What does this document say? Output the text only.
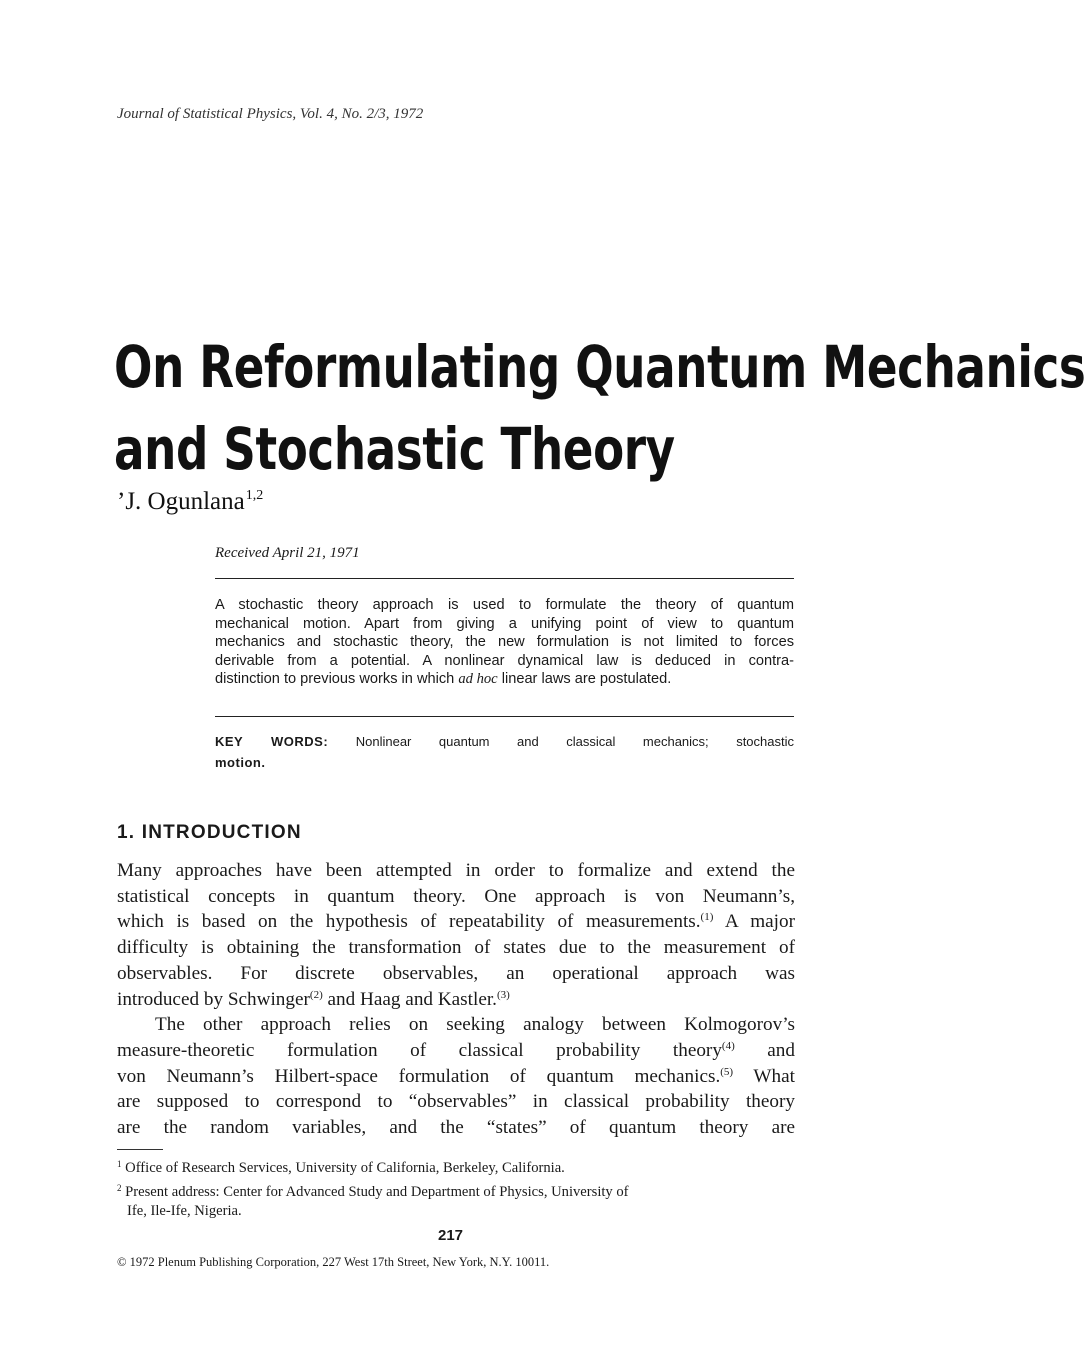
Journal of Statistical Physics, Vol. 4, No. 2/3, 1972
On Reformulating Quantum Mechanics
and Stochastic Theory
’J. Ogunlana$^{1,2}$
Received April 21, 1971
A stochastic theory approach is used to formulate the theory of quantum
mechanical motion. Apart from giving a unifying point of view to quantum
mechanics and stochastic theory, the new formulation is not limited to forces
derivable from a potential. A nonlinear dynamical law is deduced in contra-
distinction to previous works in which ad hoc linear laws are postulated.
KEY WORDS: Nonlinear quantum and classical mechanics; stochastic
motion.
1. INTRODUCTION
Many approaches have been attempted in order to formalize and extend the
statistical concepts in quantum theory. One approach is von Neumann’s,
which is based on the hypothesis of repeatability of measurements.$^{(1)}$ A major
difficulty is obtaining the transformation of states due to the measurement of
observables. For discrete observables, an operational approach was
introduced by Schwinger$^{(2)}$ and Haag and Kastler.$^{(3)}$
The other approach relies on seeking analogy between Kolmogorov’s
measure-theoretic formulation of classical probability theory$^{(4)}$ and
von Neumann’s Hilbert-space formulation of quantum mechanics.$^{(5)}$ What
are supposed to correspond to “observables” in classical probability theory
are the random variables, and the “states” of quantum theory are
$^1$ Office of Research Services, University of California, Berkeley, California.
$^2$ Present address: Center for Advanced Study and Department of Physics, University of
Ife, Ile-Ife, Nigeria.
217
© 1972 Plenum Publishing Corporation, 227 West 17th Street, New York, N.Y. 10011.
